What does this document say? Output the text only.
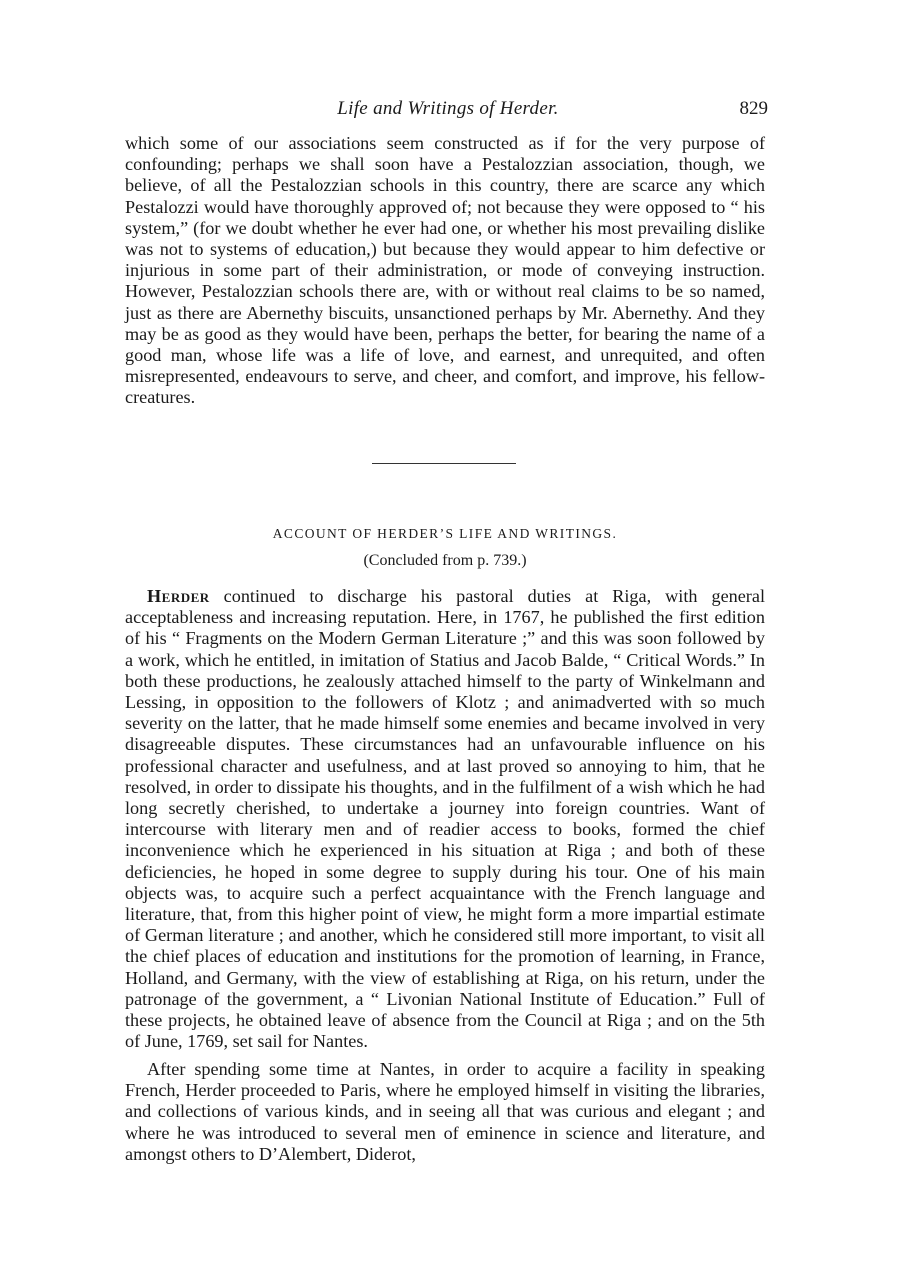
Life and Writings of Herder.	829

which some of our associations seem constructed as if for the very purpose of confounding; perhaps we shall soon have a Pestalozzian association, though, we believe, of all the Pestalozzian schools in this country, there are scarce any which Pestalozzi would have thoroughly approved of; not because they were opposed to “ his system,” (for we doubt whether he ever had one, or whether his most prevailing dislike was not to systems of education,) but because they would appear to him defective or injurious in some part of their administration, or mode of conveying instruction. However, Pestalozzian schools there are, with or without real claims to be so named, just as there are Abernethy biscuits, unsanctioned perhaps by Mr. Abernethy. And they may be as good as they would have been, perhaps the better, for bearing the name of a good man, whose life was a life of love, and earnest, and unrequited, and often misrepresented, endeavours to serve, and cheer, and comfort, and improve, his fellow-creatures.

ACCOUNT OF HERDER’S LIFE AND WRITINGS.
(Concluded from p. 739.)

Herder continued to discharge his pastoral duties at Riga, with general acceptableness and increasing reputation. Here, in 1767, he published the first edition of his “ Fragments on the Modern German Literature ;” and this was soon followed by a work, which he entitled, in imitation of Statius and Jacob Balde, “ Critical Words.” In both these productions, he zealously attached himself to the party of Winkelmann and Lessing, in opposition to the followers of Klotz ; and animadverted with so much severity on the latter, that he made himself some enemies and became involved in very disagreeable disputes. These circumstances had an unfavourable influence on his professional character and usefulness, and at last proved so annoying to him, that he resolved, in order to dissipate his thoughts, and in the fulfilment of a wish which he had long secretly cherished, to undertake a journey into foreign countries. Want of intercourse with literary men and of readier access to books, formed the chief inconvenience which he experienced in his situation at Riga ; and both of these deficiencies, he hoped in some degree to supply during his tour. One of his main objects was, to acquire such a perfect acquaintance with the French language and literature, that, from this higher point of view, he might form a more impartial estimate of German literature ; and another, which he considered still more important, to visit all the chief places of education and institutions for the promotion of learning, in France, Holland, and Germany, with the view of establishing at Riga, on his return, under the patronage of the government, a “ Livonian National Institute of Education.” Full of these projects, he obtained leave of absence from the Council at Riga ; and on the 5th of June, 1769, set sail for Nantes.

After spending some time at Nantes, in order to acquire a facility in speaking French, Herder proceeded to Paris, where he employed himself in visiting the libraries, and collections of various kinds, and in seeing all that was curious and elegant ; and where he was introduced to several men of eminence in science and literature, and amongst others to D’Alembert, Diderot,
